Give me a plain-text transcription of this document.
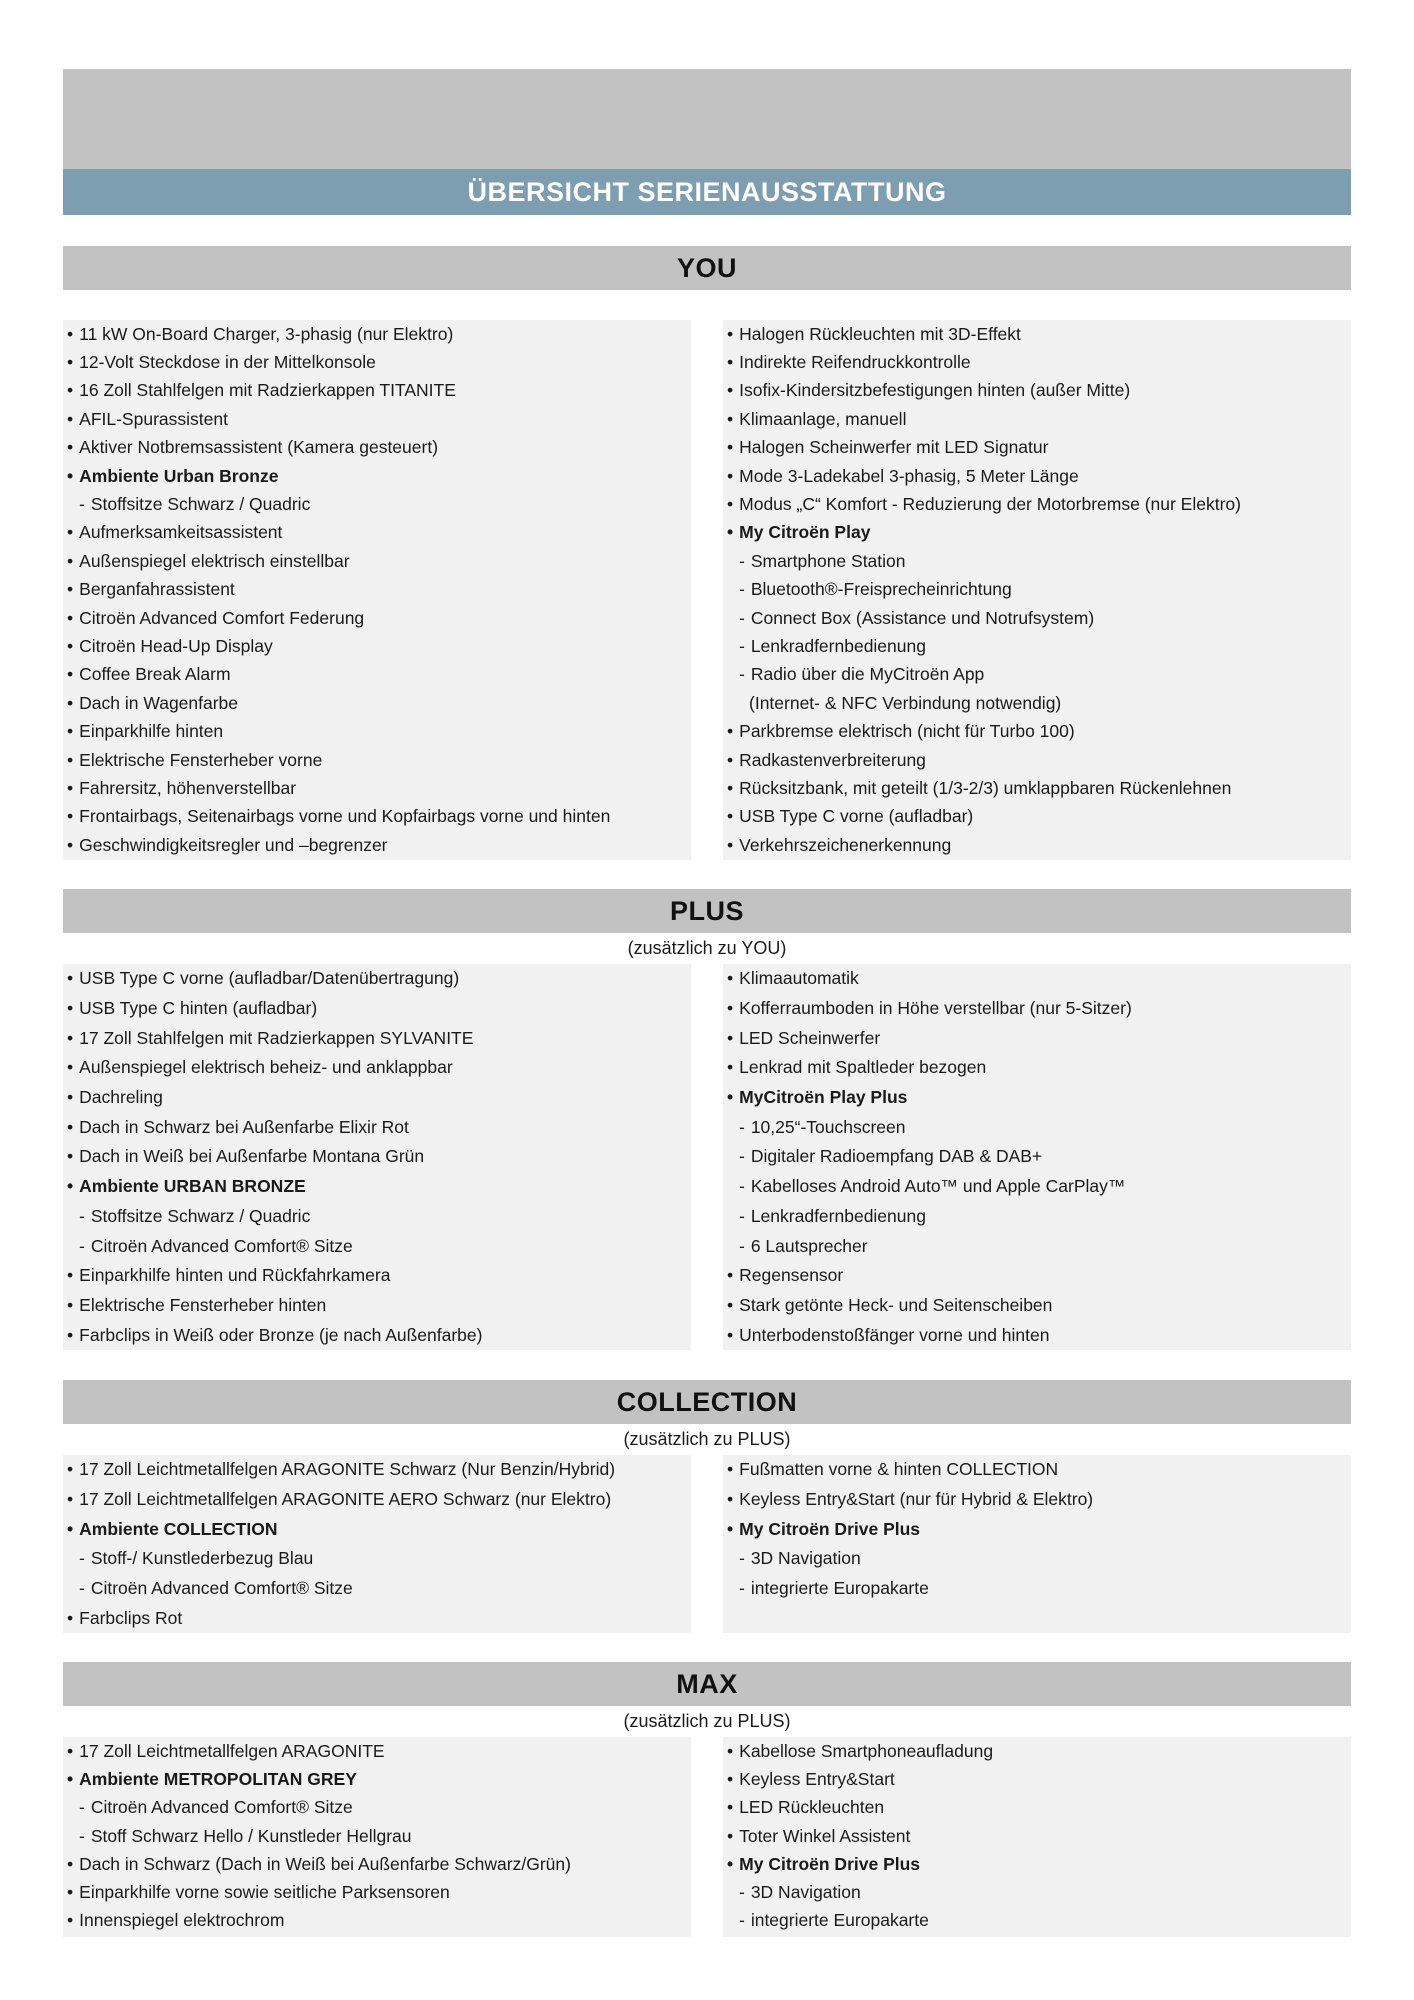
ÜBERSICHT SERIENAUSSTATTUNG
YOU
• 11 kW On-Board Charger, 3-phasig (nur Elektro)
• 12-Volt Steckdose in der Mittelkonsole
• 16 Zoll Stahlfelgen mit Radzierkappen TITANITE
• AFIL-Spurassistent
• Aktiver Notbremsassistent (Kamera gesteuert)
• Ambiente Urban Bronze
- Stoffsitze Schwarz / Quadric
• Aufmerksamkeitsassistent
• Außenspiegel elektrisch einstellbar
• Berganfahrassistent
• Citroën Advanced Comfort Federung
• Citroën Head-Up Display
• Coffee Break Alarm
• Dach in Wagenfarbe
• Einparkhilfe hinten
• Elektrische Fensterheber vorne
• Fahrersitz, höhenverstellbar
• Frontairbags, Seitenairbags vorne und Kopfairbags vorne und hinten
• Geschwindigkeitsregler und –begrenzer
• Halogen Rückleuchten mit 3D-Effekt
• Indirekte Reifendruckkontrolle
• Isofix-Kindersitzbefestigungen hinten (außer Mitte)
• Klimaanlage, manuell
• Halogen Scheinwerfer mit LED Signatur
• Mode 3-Ladekabel 3-phasig, 5 Meter Länge
• Modus „C“ Komfort - Reduzierung der Motorbremse (nur Elektro)
• My Citroën Play
- Smartphone Station
- Bluetooth®-Freisprecheinrichtung
- Connect Box (Assistance und Notrufsystem)
- Lenkradfernbedienung
- Radio über die MyCitroën App
(Internet- & NFC Verbindung notwendig)
• Parkbremse elektrisch (nicht für Turbo 100)
• Radkastenverbreiterung
• Rücksitzbank, mit geteilt (1/3-2/3) umklappbaren Rückenlehnen
• USB Type C vorne (aufladbar)
• Verkehrszeichenerkennung
PLUS
(zusätzlich zu YOU)
• USB Type C vorne (aufladbar/Datenübertragung)
• USB Type C hinten (aufladbar)
• 17 Zoll Stahlfelgen mit Radzierkappen SYLVANITE
• Außenspiegel elektrisch beheiz- und anklappbar
• Dachreling
• Dach in Schwarz bei Außenfarbe Elixir Rot
• Dach in Weiß bei Außenfarbe Montana Grün
• Ambiente URBAN BRONZE
- Stoffsitze Schwarz / Quadric
- Citroën Advanced Comfort® Sitze
• Einparkhilfe hinten und Rückfahrkamera
• Elektrische Fensterheber hinten
• Farbclips in Weiß oder Bronze (je nach Außenfarbe)
• Klimaautomatik
• Kofferraumboden in Höhe verstellbar (nur 5-Sitzer)
• LED Scheinwerfer
• Lenkrad mit Spaltleder bezogen
• MyCitroën Play Plus
- 10,25“-Touchscreen
- Digitaler Radioempfang DAB & DAB+
- Kabelloses Android Auto™ und Apple CarPlay™
- Lenkradfernbedienung
- 6 Lautsprecher
• Regensensor
• Stark getönte Heck- und Seitenscheiben
• Unterbodenstoßfänger vorne und hinten
COLLECTION
(zusätzlich zu PLUS)
• 17 Zoll Leichtmetallfelgen ARAGONITE Schwarz (Nur Benzin/Hybrid)
• 17 Zoll Leichtmetallfelgen ARAGONITE AERO Schwarz (nur Elektro)
• Ambiente COLLECTION
- Stoff-/ Kunstlederbezug Blau
- Citroën Advanced Comfort® Sitze
• Farbclips Rot
• Fußmatten vorne & hinten COLLECTION
• Keyless Entry&Start (nur für Hybrid & Elektro)
• My Citroën Drive Plus
- 3D Navigation
- integrierte Europakarte
MAX
(zusätzlich zu PLUS)
• 17 Zoll Leichtmetallfelgen ARAGONITE
• Ambiente METROPOLITAN GREY
- Citroën Advanced Comfort® Sitze
- Stoff Schwarz Hello / Kunstleder Hellgrau
• Dach in Schwarz (Dach in Weiß bei Außenfarbe Schwarz/Grün)
• Einparkhilfe vorne sowie seitliche Parksensoren
• Innenspiegel elektrochrom
• Kabellose Smartphoneaufladung
• Keyless Entry&Start
• LED Rückleuchten
• Toter Winkel Assistent
• My Citroën Drive Plus
- 3D Navigation
- integrierte Europakarte
